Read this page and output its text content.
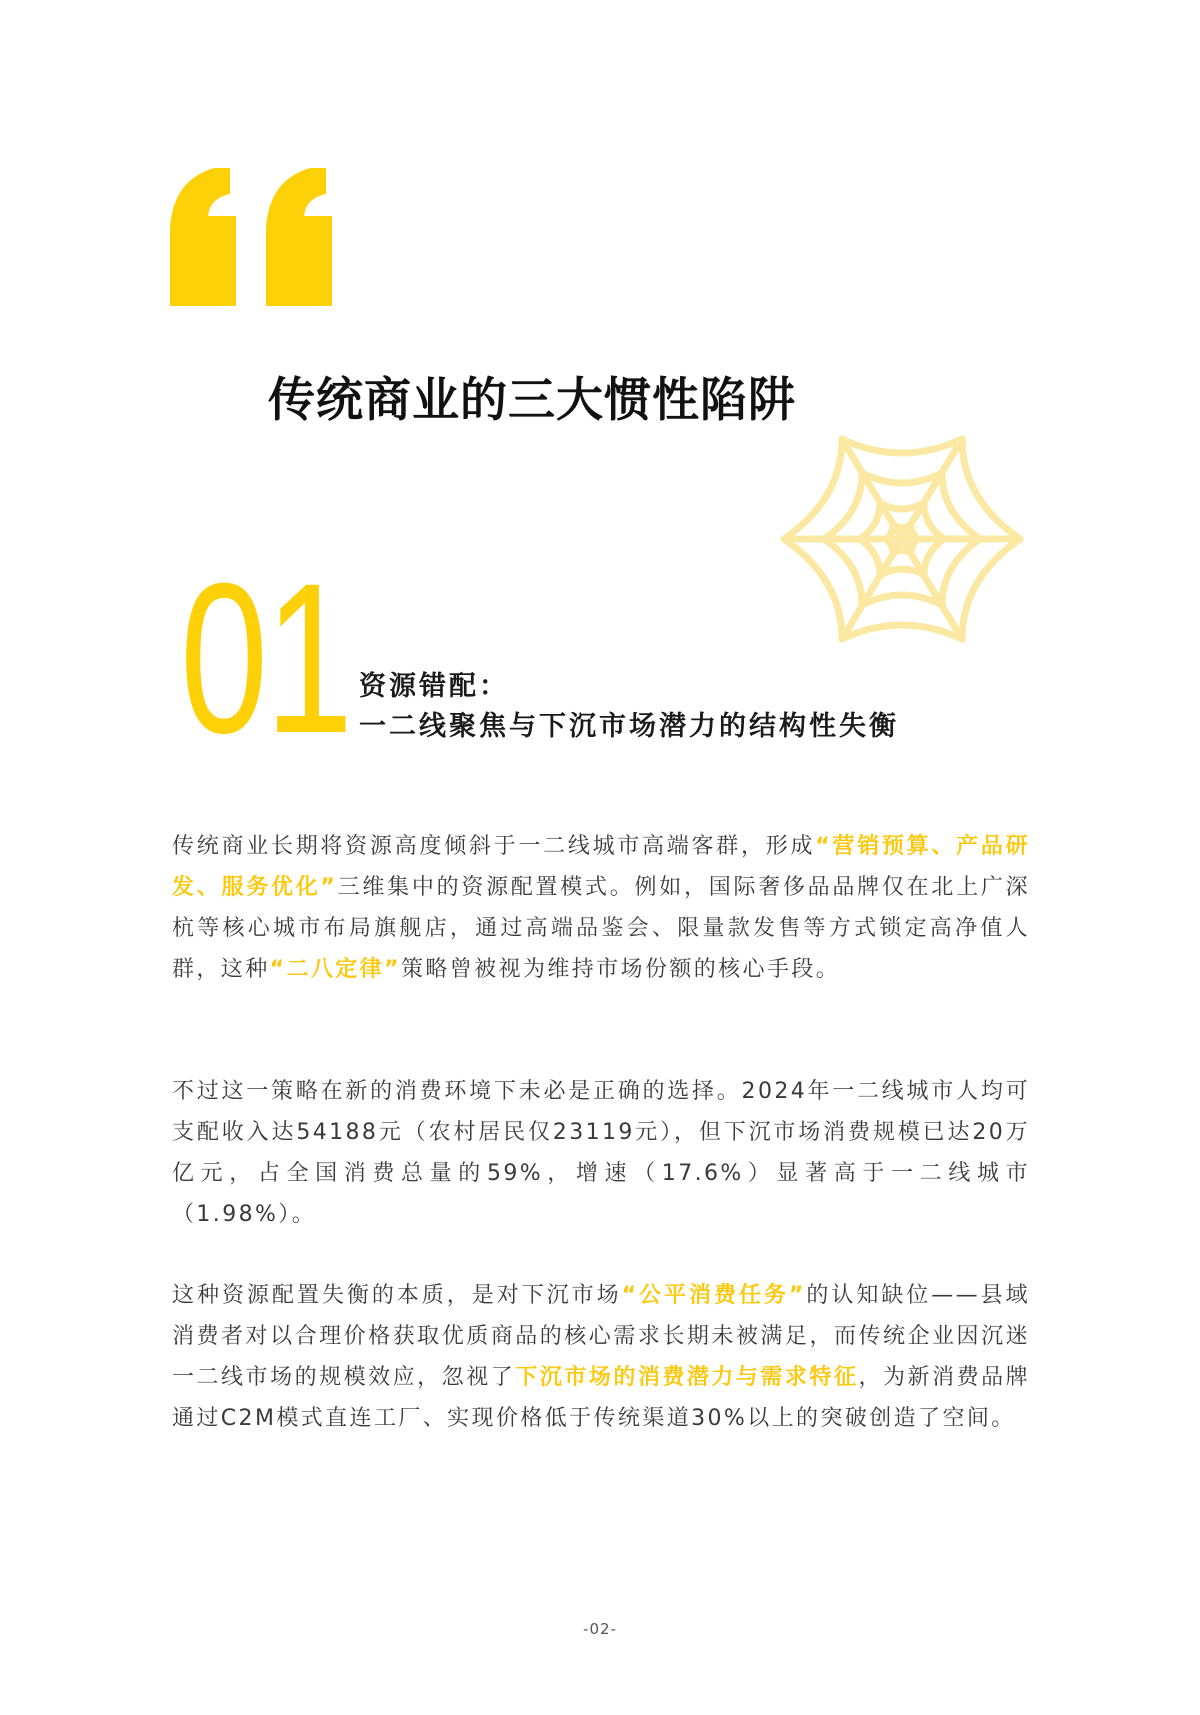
传统商业的三大惯性陷阱
01 资源错配：
一二线聚焦与下沉市场潜力的结构性失衡

传统商业长期将资源高度倾斜于一二线城市高端客群，形成“营销预算、产品研发、服务优化”三维集中的资源配置模式。例如，国际奢侈品品牌仅在北上广深杭等核心城市布局旗舰店，通过高端品鉴会、限量款发售等方式锁定高净值人群，这种“二八定律”策略曾被视为维持市场份额的核心手段。

不过这一策略在新的消费环境下未必是正确的选择。2024年一二线城市人均可支配收入达54188元（农村居民仅23119元），但下沉市场消费规模已达20万亿元，占全国消费总量的59%，增速（17.6%）显著高于一二线城市（1.98%）。

这种资源配置失衡的本质，是对下沉市场“公平消费任务”的认知缺位——县域消费者对以合理价格获取优质商品的核心需求长期未被满足，而传统企业因沉迷一二线市场的规模效应，忽视了下沉市场的消费潜力与需求特征，为新消费品牌通过C2M模式直连工厂、实现价格低于传统渠道30%以上的突破创造了空间。

-02-
